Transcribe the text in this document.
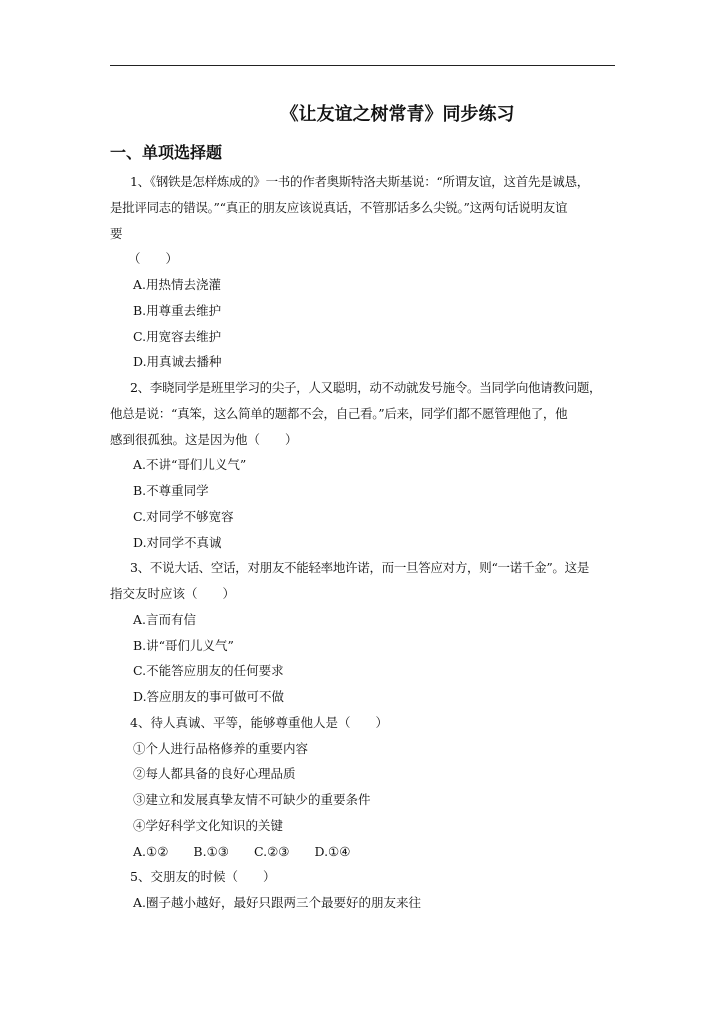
《让友谊之树常青》同步练习
一、单项选择题
1、《钢铁是怎样炼成的》一书的作者奥斯特洛夫斯基说：“所谓友谊，这首先是诚恳，
是批评同志的错误。”“真正的朋友应该说真话，不管那话多么尖锐。”这两句话说明友谊
要
（　　）
A.用热情去浇灌
B.用尊重去维护
C.用宽容去维护
D.用真诚去播种
2、李晓同学是班里学习的尖子，人又聪明，动不动就发号施令。当同学向他请教问题，
他总是说：“真笨，这么简单的题都不会，自己看。”后来，同学们都不愿管理他了，他
感到很孤独。这是因为他（　　）
A.不讲“哥们儿义气”
B.不尊重同学
C.对同学不够宽容
D.对同学不真诚
3、不说大话、空话，对朋友不能轻率地许诺，而一旦答应对方，则“一诺千金”。这是
指交友时应该（　　）
A.言而有信
B.讲“哥们儿义气”
C.不能答应朋友的任何要求
D.答应朋友的事可做可不做
4、待人真诚、平等，能够尊重他人是（　　）
①个人进行品格修养的重要内容
②每人都具备的良好心理品质
③建立和发展真挚友情不可缺少的重要条件
④学好科学文化知识的关键
A.①②　　B.①③　　C.②③　　D.①④
5、交朋友的时候（　　）
A.圈子越小越好，最好只跟两三个最要好的朋友来往
